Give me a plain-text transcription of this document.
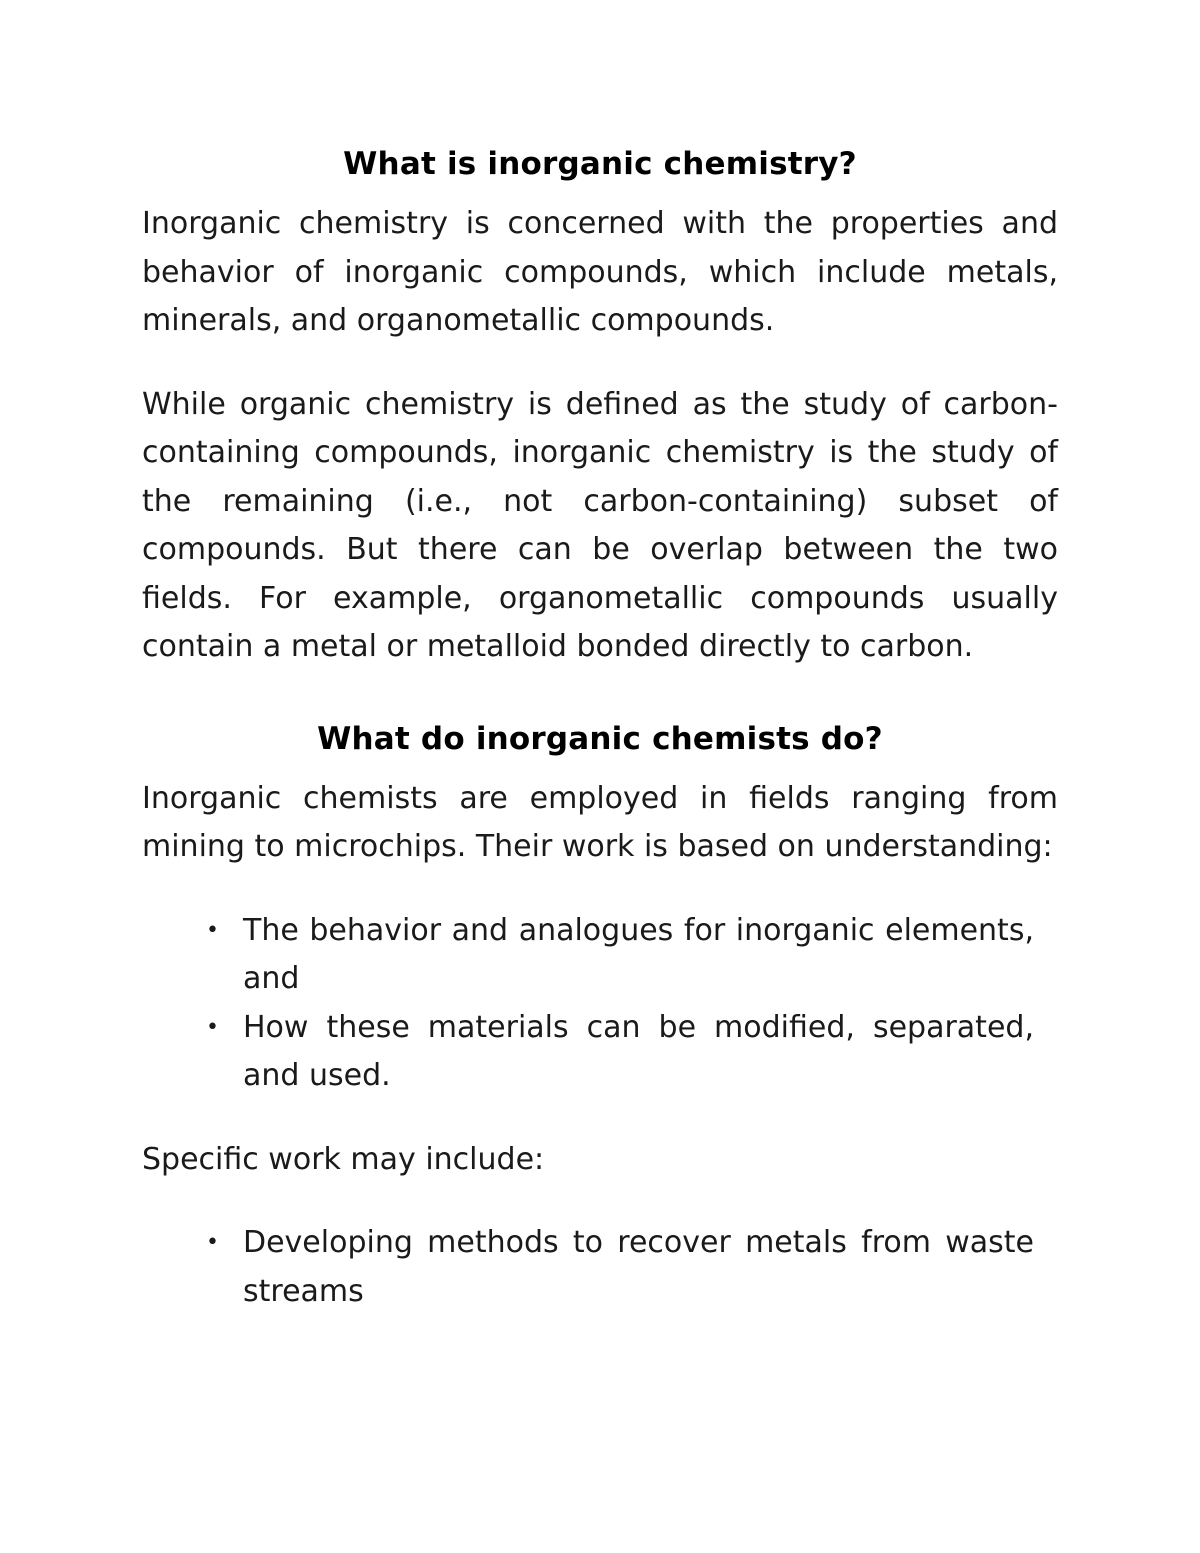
What is inorganic chemistry?

Inorganic chemistry is concerned with the properties and behavior of inorganic compounds, which include metals, minerals, and organometallic compounds.

While organic chemistry is defined as the study of carbon-containing compounds, inorganic chemistry is the study of the remaining (i.e., not carbon-containing) subset of compounds. But there can be overlap between the two fields. For example, organometallic compounds usually contain a metal or metalloid bonded directly to carbon.

What do inorganic chemists do?

Inorganic chemists are employed in fields ranging from mining to microchips. Their work is based on understanding:

• The behavior and analogues for inorganic elements, and
• How these materials can be modified, separated, and used.

Specific work may include:

• Developing methods to recover metals from waste streams
